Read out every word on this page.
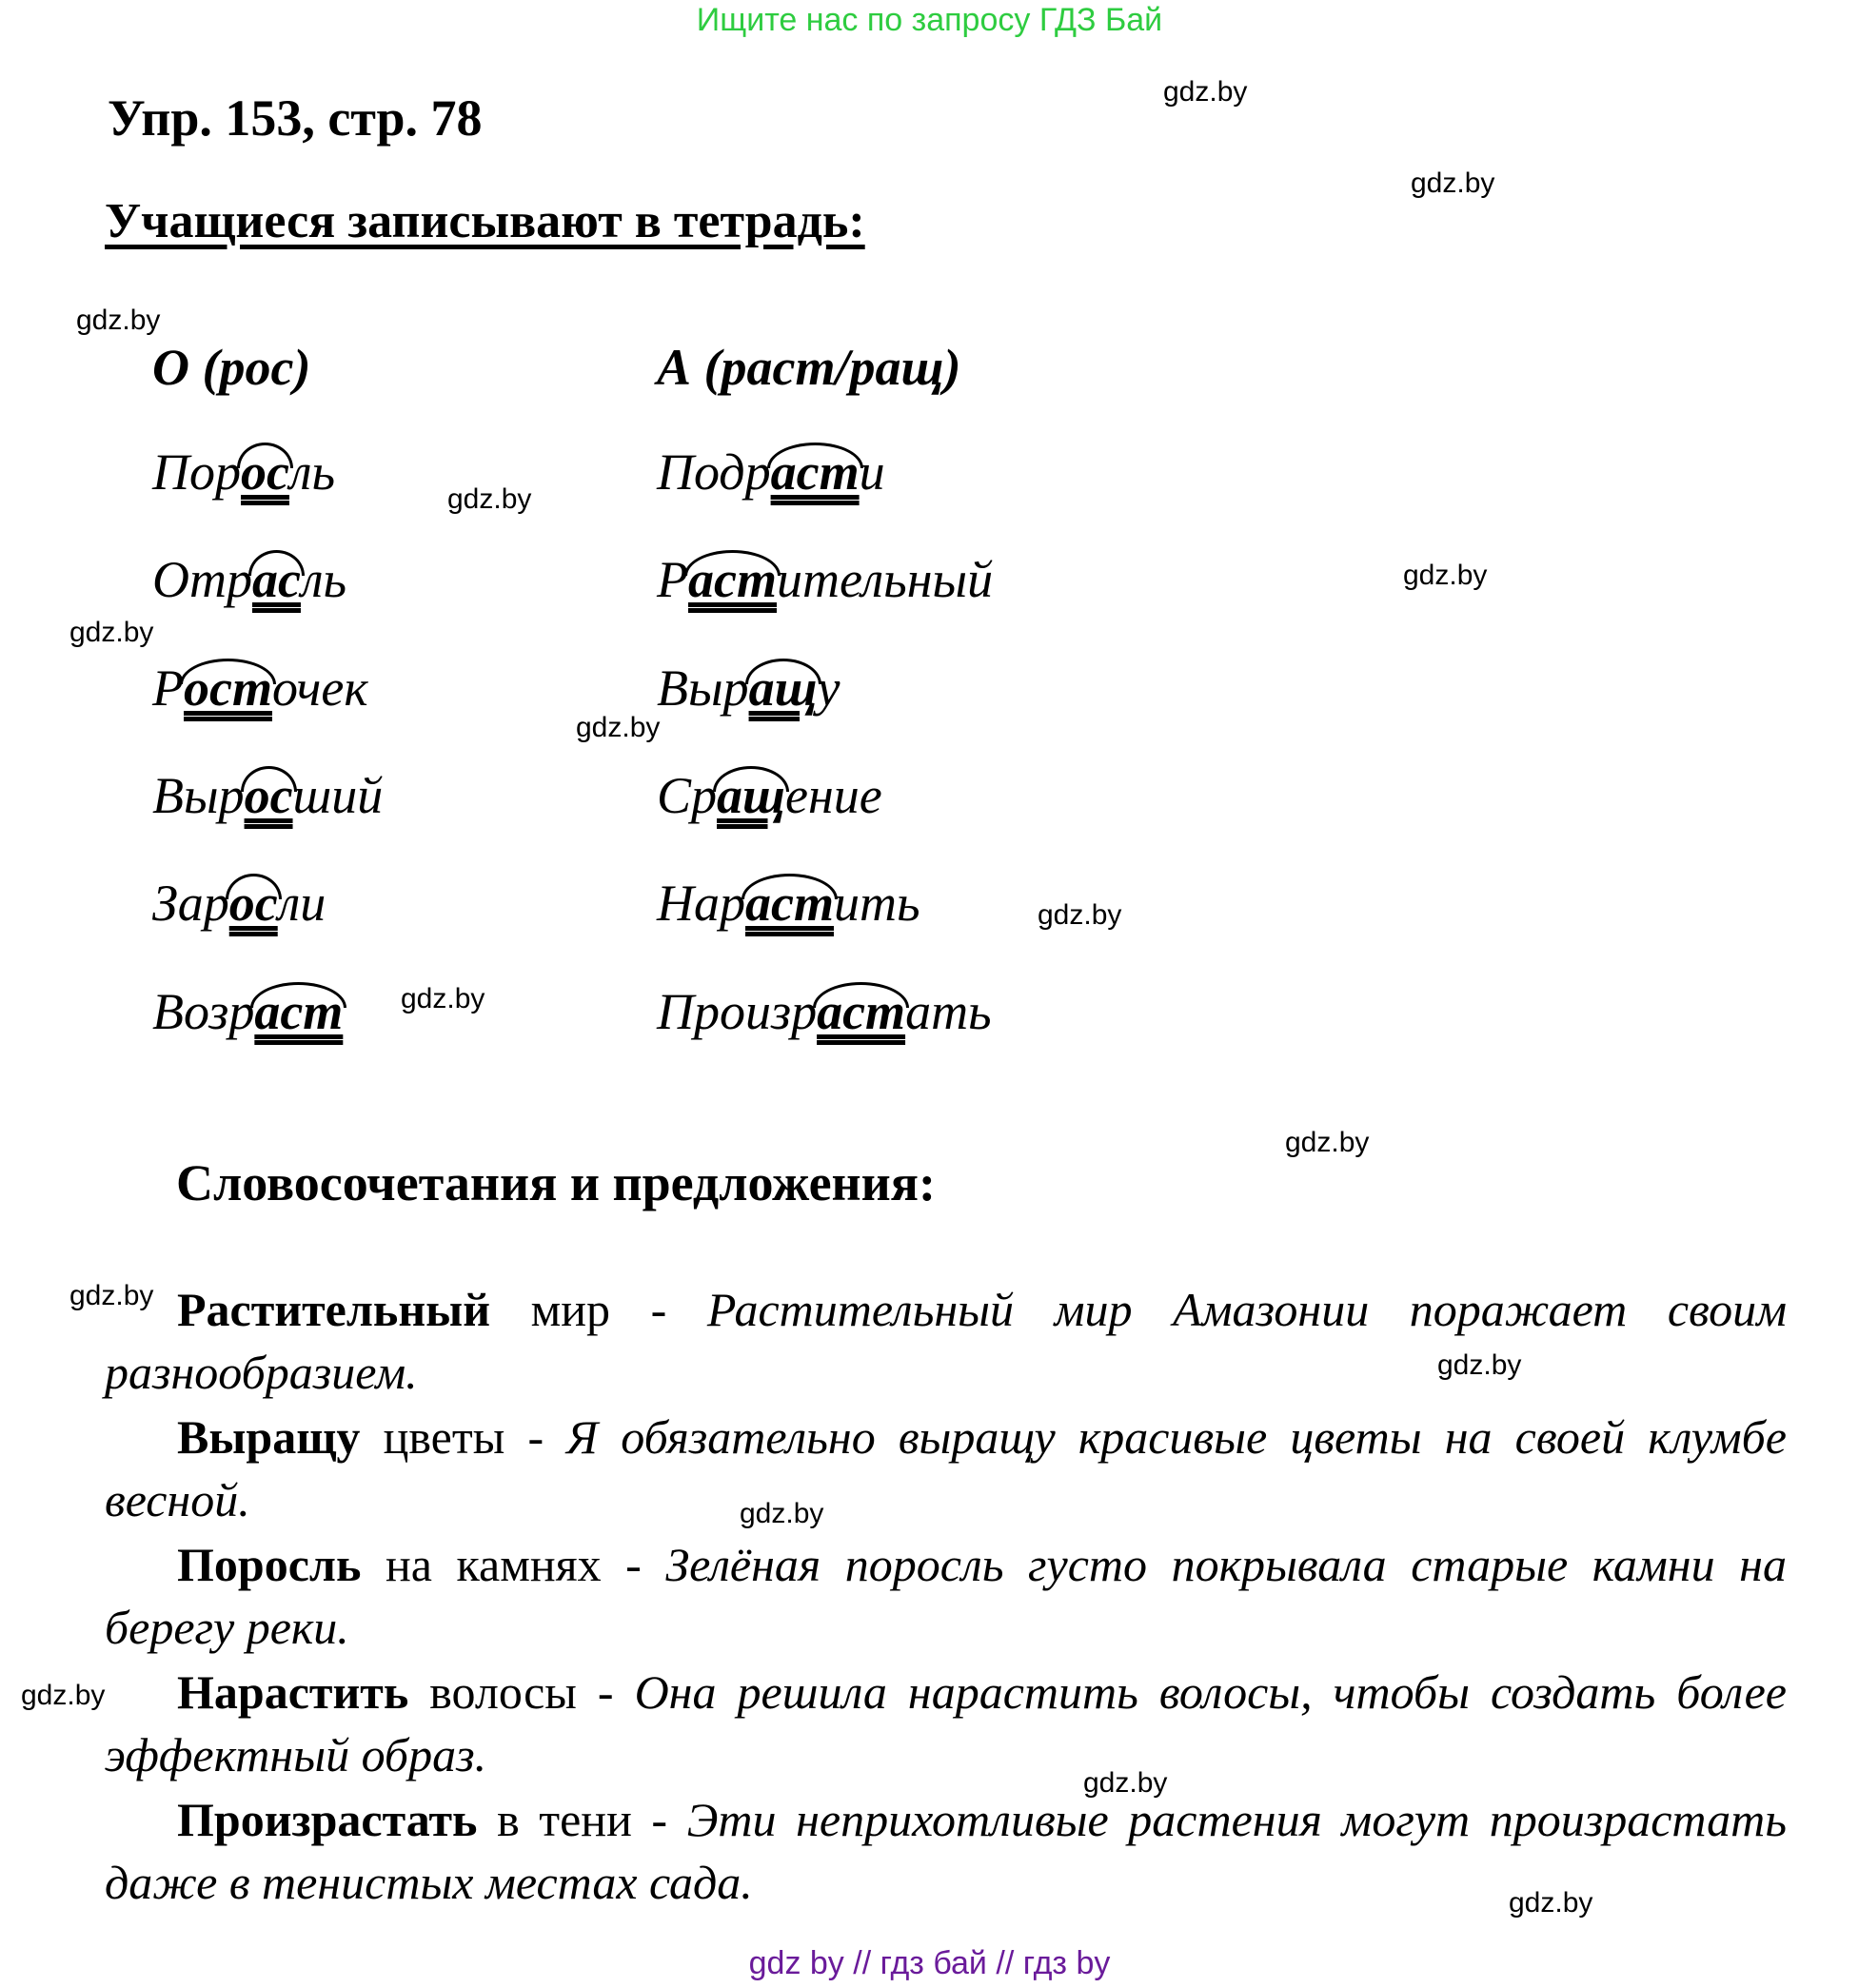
Ищите нас по запросу ГДЗ Бай
Упр. 153, стр. 78
Учащиеся записывают в тетрадь:
О (рос)	А (раст/ращ)
Пор
осль
Отр
асль
Р
осточек
Выр
осший
Зар
осли
Возр
аст
Подр
асти
Р
астительный
Выр
ащу
Ср
ащение
Нар
астить
Произр
астать
Словосочетания и предложения:
Растительный мир - Растительный мир Амазонии поражает своим разнообразием.
Выращу цветы - Я обязательно выращу красивые цветы на своей клумбе весной.
Поросль на камнях - Зелёная поросль густо покрывала старые камни на берегу реки.
Нарастить волосы - Она решила нарастить волосы, чтобы создать более эффектный образ.
Произрастать в тени - Эти неприхотливые растения могут произрастать даже в тенистых местах сада.
gdz.by
gdz.by
gdz.by
gdz.by
gdz.by
gdz.by
gdz.by
gdz.by
gdz.by
gdz.by
gdz.by
gdz.by
gdz.by
gdz.by
gdz.by
gdz.by
gdz by // гдз бай // гдз by
